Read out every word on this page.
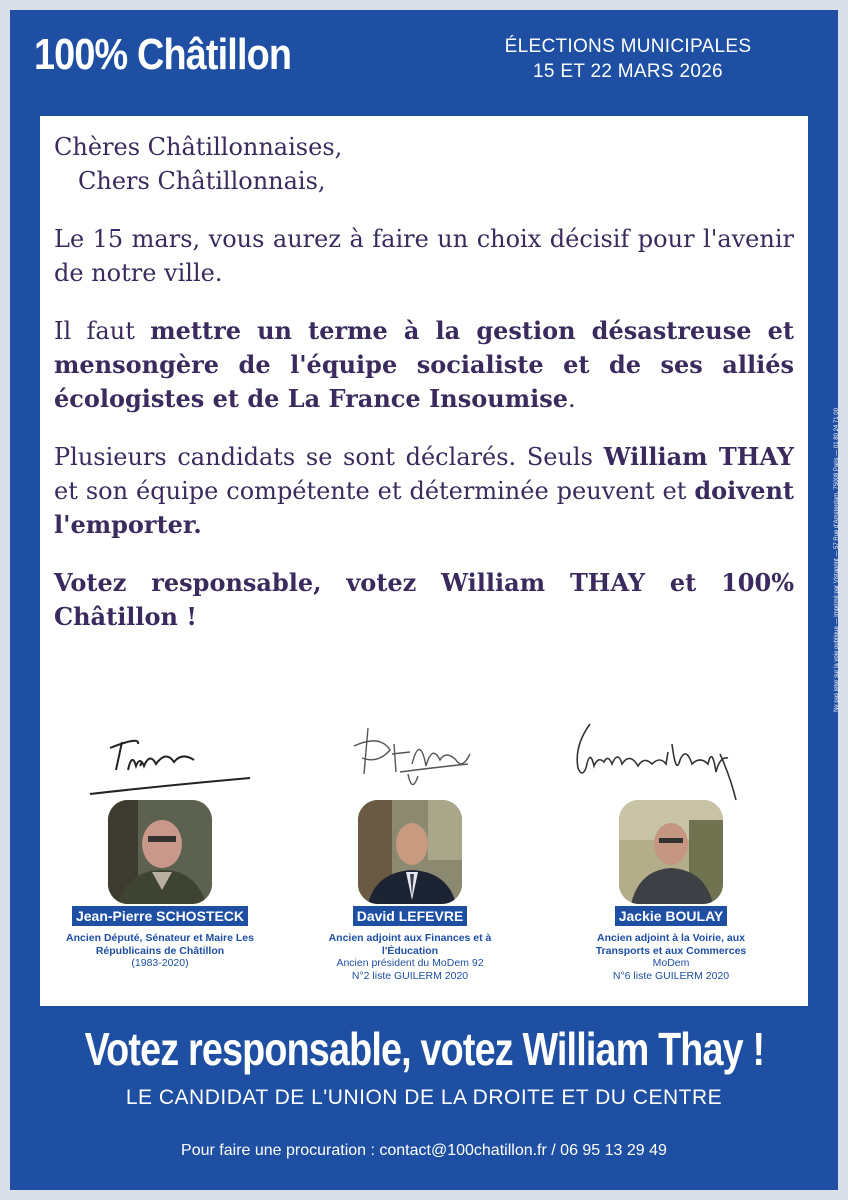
100% Châtillon	ÉLECTIONS MUNICIPALES
15 ET 22 MARS 2026

Chères Châtillonnaises,

Chers Châtillonnais,

Le 15 mars, vous aurez à faire un choix décisif pour l'avenir de notre ville.

Il faut mettre un terme à la gestion désastreuse et mensongère de l'équipe socialiste et de ses alliés écologistes et de La France Insoumise.

Plusieurs candidats se sont déclarés. Seuls William THAY et son équipe compétente et déterminée peuvent et doivent l'emporter.

Votez responsable, votez William THAY et 100% Châtillon !

Jean-Pierre SCHOSTECK
Ancien Député, Sénateur et Maire Les Républicains de Châtillon
(1983-2020)
David LEFEVRE
Ancien adjoint aux Finances et à l'Éducation
Ancien président du MoDem 92
N°2 liste GUILERM 2020
Jackie BOULAY
Ancien adjoint à la Voirie, aux Transports et aux Commerces
MoDem
N°6 liste GUILERM 2020
Ne pas jeter sur la voie publique — Imprimé par Vistaprint — 57 Rue d'Amsterdam, 75008 Paris — 01 80 24 71 00
Votez responsable, votez William Thay !
LE CANDIDAT DE L'UNION DE LA DROITE ET DU CENTRE
Pour faire une procuration : contact@100chatillon.fr / 06 95 13 29 49
